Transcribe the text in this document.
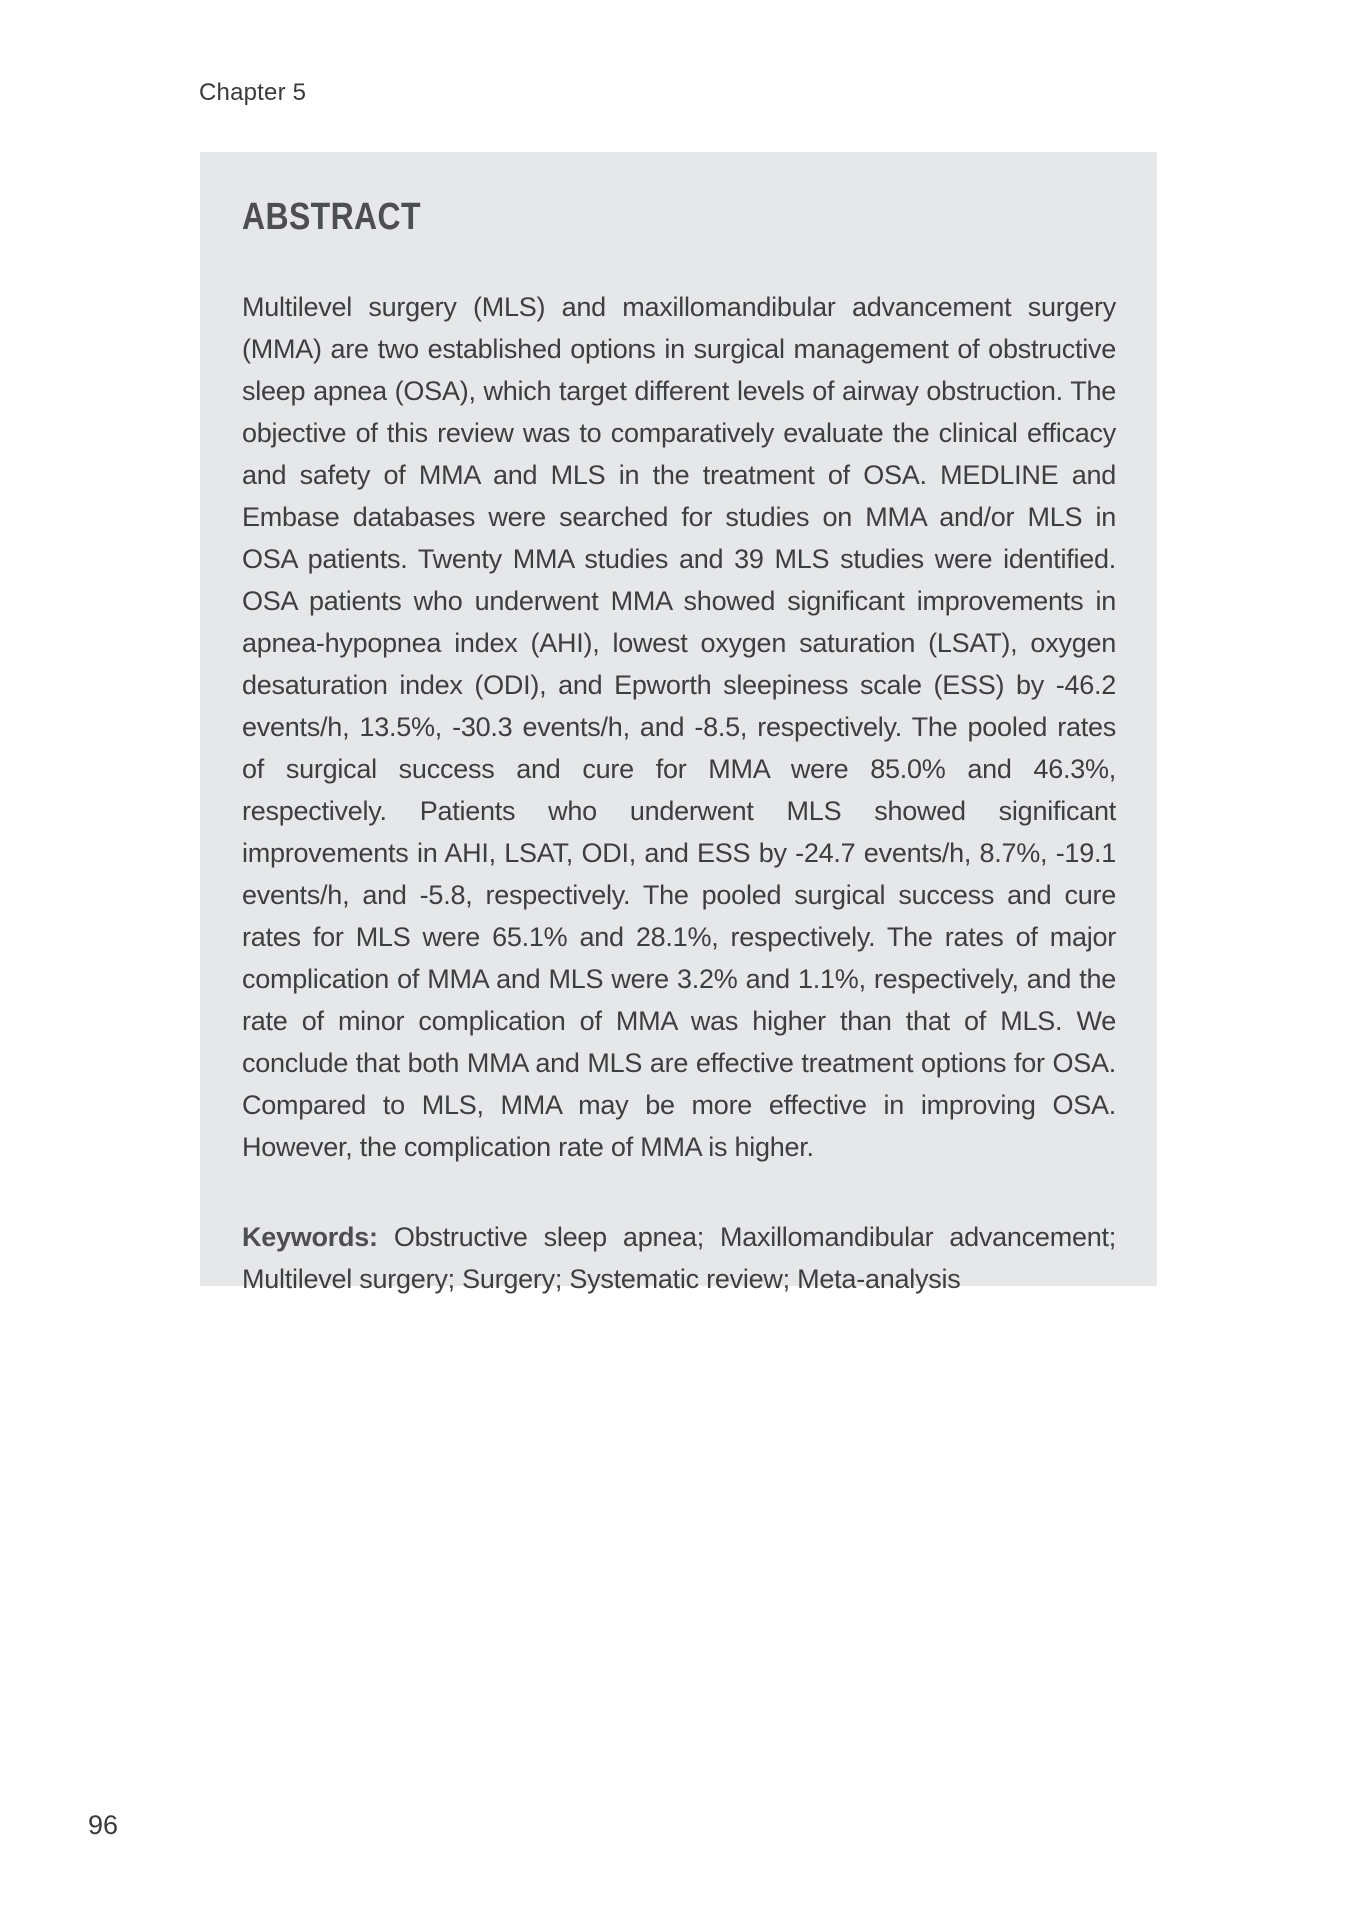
Chapter 5
ABSTRACT

Multilevel surgery (MLS) and maxillomandibular advancement surgery (MMA) are two established options in surgical management of obstructive sleep apnea (OSA), which target different levels of airway obstruction. The objective of this review was to comparatively evaluate the clinical efficacy and safety of MMA and MLS in the treatment of OSA. MEDLINE and Embase databases were searched for studies on MMA and/or MLS in OSA patients. Twenty MMA studies and 39 MLS studies were identified. OSA patients who underwent MMA showed significant improvements in apnea-hypopnea index (AHI), lowest oxygen saturation (LSAT), oxygen desaturation index (ODI), and Epworth sleepiness scale (ESS) by -46.2 events/h, 13.5%, -30.3 events/h, and -8.5, respectively. The pooled rates of surgical success and cure for MMA were 85.0% and 46.3%, respectively. Patients who underwent MLS showed significant improvements in AHI, LSAT, ODI, and ESS by -24.7 events/h, 8.7%, -19.1 events/h, and -5.8, respectively. The pooled surgical success and cure rates for MLS were 65.1% and 28.1%, respectively. The rates of major complication of MMA and MLS were 3.2% and 1.1%, respectively, and the rate of minor complication of MMA was higher than that of MLS. We conclude that both MMA and MLS are effective treatment options for OSA. Compared to MLS, MMA may be more effective in improving OSA. However, the complication rate of MMA is higher.

Keywords: Obstructive sleep apnea; Maxillomandibular advancement; Multilevel surgery; Surgery; Systematic review; Meta-analysis

96
